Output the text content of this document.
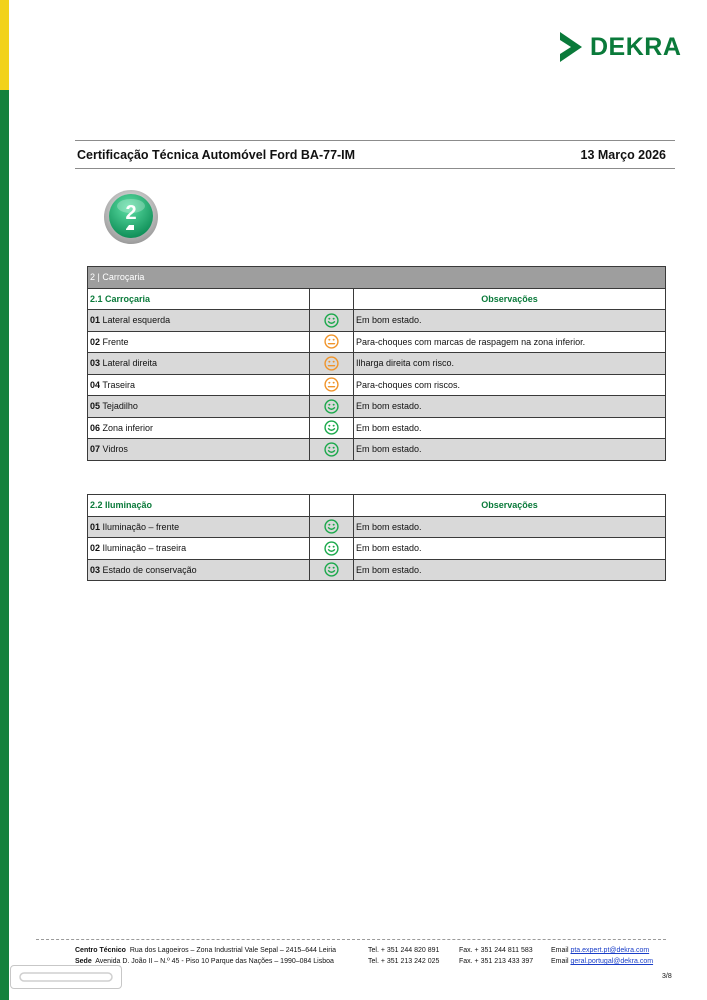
DEKRA
Certificação Técnica Automóvel Ford BA-77-IM	13 Março 2026
2
2 | Carroçaria		
2.1 Carroçaria		Observações
01 Lateral esquerda		Em bom estado.
02 Frente		Para-choques com marcas de raspagem na zona inferior.
03 Lateral direita		Ilharga direita com risco.
04 Traseira		Para-choques com riscos.
05 Tejadilho		Em bom estado.
06 Zona inferior		Em bom estado.
07 Vidros		Em bom estado.
2.2 Iluminação		Observações
01 Iluminação – frente		Em bom estado.
02 Iluminação – traseira		Em bom estado.
03 Estado de conservação		Em bom estado.
Centro Técnico Rua dos Lagoeiros – Zona Industrial Vale Sepal – 2415–644 Leiria
Sede Avenida D. João II – N.º 45 - Piso 10 Parque das Nações – 1990–084 Lisboa
Tel. + 351 244 820 891
Tel. + 351 213 242 025
Fax. + 351 244 811 583
Fax. + 351 213 433 397
Email pta.expert.pt@dekra.com
Email geral.portugal@dekra.com
3/8
